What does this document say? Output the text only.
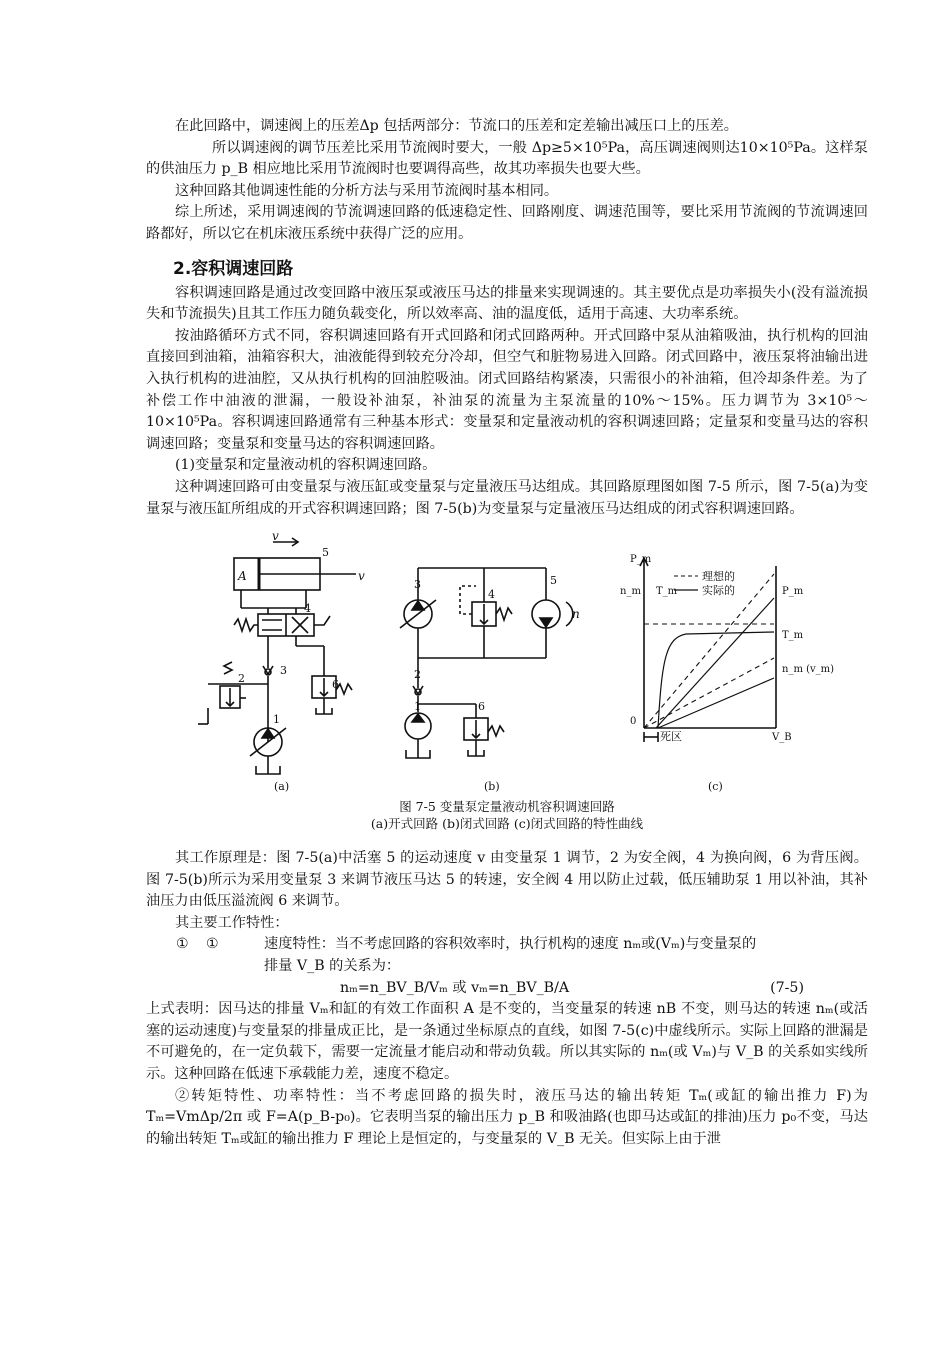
在此回路中，调速阀上的压差Δp 包括两部分：节流口的压差和定差输出减压口上的压差。

所以调速阀的调节压差比采用节流阀时要大，一般 Δp≥5×10⁵Pa，高压调速阀则达10×10⁵Pa。这样泵的供油压力 p_B 相应地比采用节流阀时也要调得高些，故其功率损失也要大些。

这种回路其他调速性能的分析方法与采用节流阀时基本相同。

综上所述，采用调速阀的节流调速回路的低速稳定性、回路刚度、调速范围等，要比采用节流阀的节流调速回路都好，所以它在机床液压系统中获得广泛的应用。

2.容积调速回路

容积调速回路是通过改变回路中液压泵或液压马达的排量来实现调速的。其主要优点是功率损失小(没有溢流损失和节流损失)且其工作压力随负载变化，所以效率高、油的温度低，适用于高速、大功率系统。

按油路循环方式不同，容积调速回路有开式回路和闭式回路两种。开式回路中泵从油箱吸油，执行机构的回油直接回到油箱，油箱容积大，油液能得到较充分冷却，但空气和脏物易进入回路。闭式回路中，液压泵将油输出进入执行机构的进油腔，又从执行机构的回油腔吸油。闭式回路结构紧凑，只需很小的补油箱，但冷却条件差。为了补偿工作中油液的泄漏，一般设补油泵，补油泵的流量为主泵流量的10%～15%。压力调节为 3×10⁵～10×10⁵Pa。容积调速回路通常有三种基本形式：变量泵和定量液动机的容积调速回路；定量泵和变量马达的容积调速回路；变量泵和变量马达的容积调速回路。

(1)变量泵和定量液动机的容积调速回路。

这种调速回路可由变量泵与液压缸或变量泵与定量液压马达组成。其回路原理图如图 7-5 所示，图 7-5(a)为变量泵与液压缸所组成的开式容积调速回路；图 7-5(b)为变量泵与定量液压马达组成的闭式容积调速回路。

v
v
A
n
5
4
3
2	6
1
3
4
5
2
1	6
P_m
n_m T_m
理想的
实际的	P_m
T_m
n_m (v_m)
0
死区	V_B
(a)	(b)	(c)
图 7-5 变量泵定量液动机容积调速回路
(a)开式回路 (b)闭式回路 (c)闭式回路的特性曲线

其工作原理是：图 7-5(a)中活塞 5 的运动速度 v 由变量泵 1 调节，2 为安全阀，4 为换向阀，6 为背压阀。图 7-5(b)所示为采用变量泵 3 来调节液压马达 5 的转速，安全阀 4 用以防止过载，低压辅助泵 1 用以补油，其补油压力由低压溢流阀 6 来调节。

其主要工作特性：

①	①	速度特性：当不考虑回路的容积效率时，执行机构的速度 nₘ或(Vₘ)与变量泵的

排量 V_B 的关系为：

nₘ=n_BV_B/Vₘ 或 vₘ=n_BV_B/A	(7-5)

上式表明：因马达的排量 Vₘ和缸的有效工作面积 A 是不变的，当变量泵的转速 nB 不变，则马达的转速 nₘ(或活塞的运动速度)与变量泵的排量成正比，是一条通过坐标原点的直线，如图 7-5(c)中虚线所示。实际上回路的泄漏是不可避免的，在一定负载下，需要一定流量才能启动和带动负载。所以其实际的 nₘ(或 Vₘ)与 V_B 的关系如实线所示。这种回路在低速下承载能力差，速度不稳定。

②转矩特性、功率特性：当不考虑回路的损失时，液压马达的输出转矩 Tₘ(或缸的输出推力 F)为 Tₘ=VmΔp/2π 或 F=A(p_B-p₀)。它表明当泵的输出压力 p_B 和吸油路(也即马达或缸的排油)压力 p₀不变，马达的输出转矩 Tₘ或缸的输出推力 F 理论上是恒定的，与变量泵的 V_B 无关。但实际上由于泄
